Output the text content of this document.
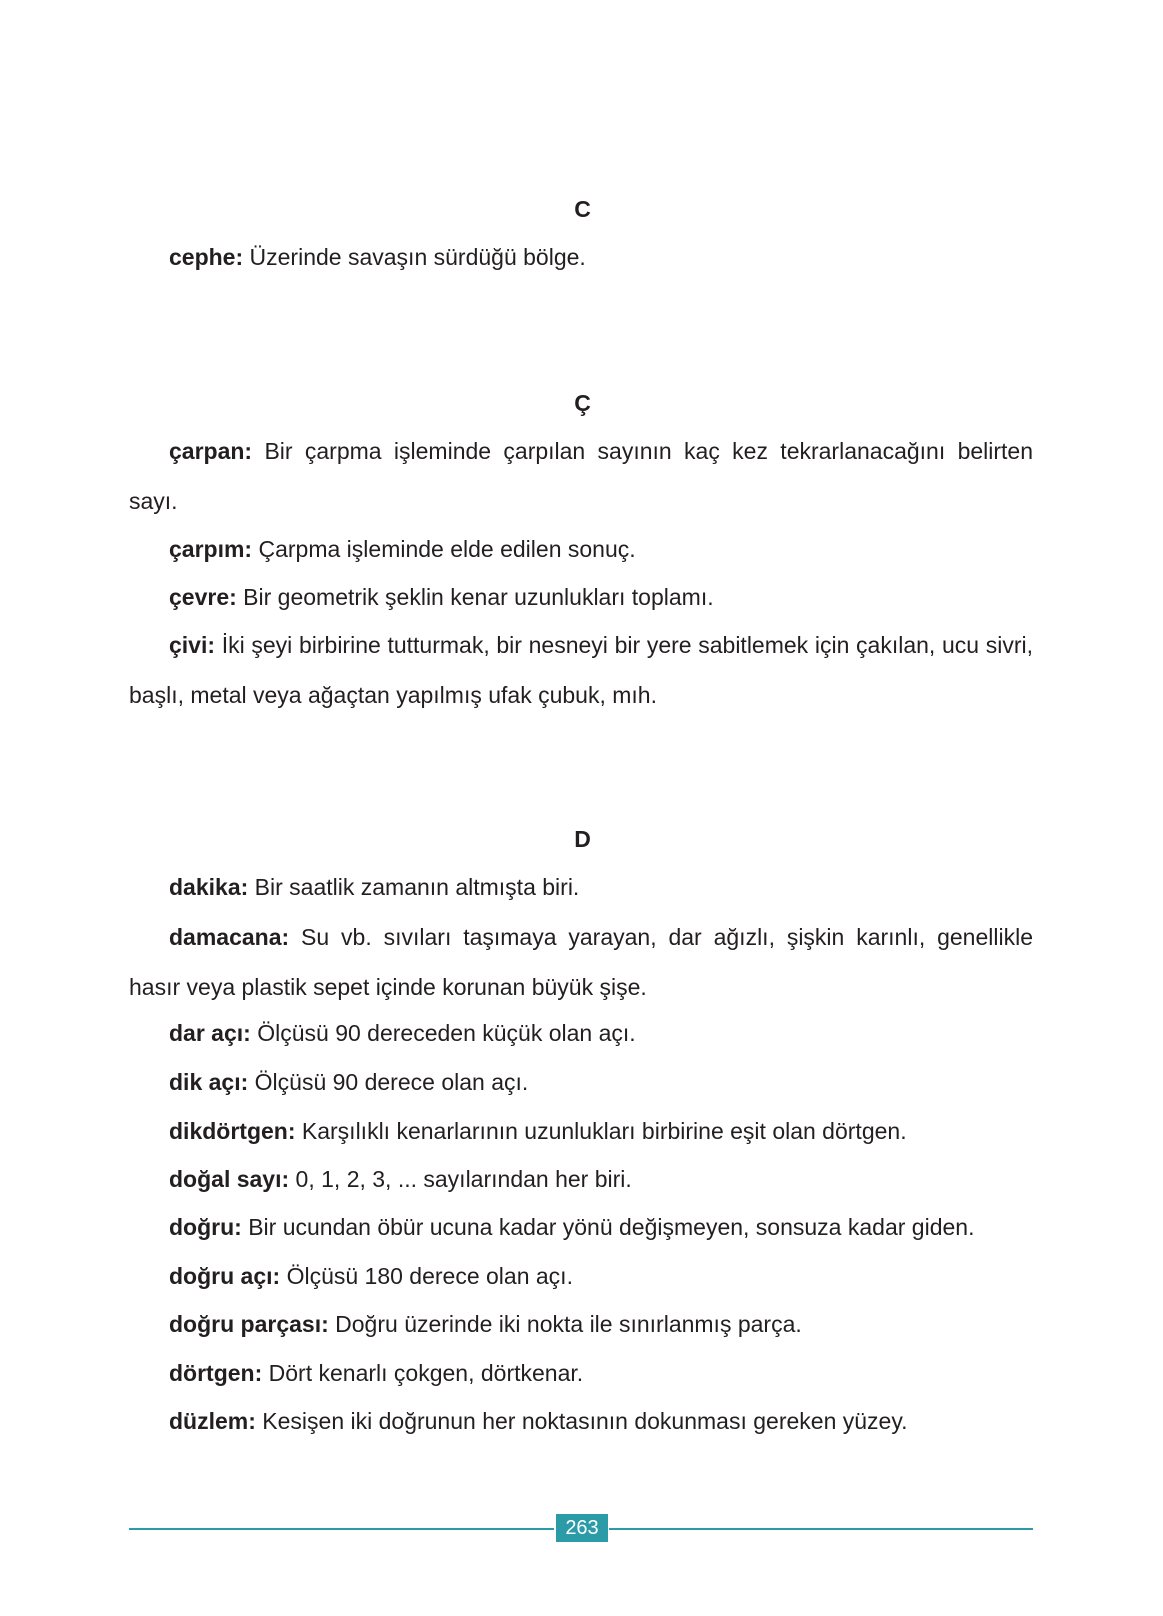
C

cephe: Üzerinde savaşın sürdüğü bölge.

Ç

çarpan: Bir çarpma işleminde çarpılan sayının kaç kez tekrarlanacağını belirten sayı.

çarpım: Çarpma işleminde elde edilen sonuç.

çevre: Bir geometrik şeklin kenar uzunlukları toplamı.

çivi: İki şeyi birbirine tutturmak, bir nesneyi bir yere sabitlemek için çakılan, ucu sivri, başlı, metal veya ağaçtan yapılmış ufak çubuk, mıh.

D

dakika: Bir saatlik zamanın altmışta biri.

damacana: Su vb. sıvıları taşımaya yarayan, dar ağızlı, şişkin karınlı, genellikle hasır veya plastik sepet içinde korunan büyük şişe.

dar açı: Ölçüsü 90 dereceden küçük olan açı.

dik açı: Ölçüsü 90 derece olan açı.

dikdörtgen: Karşılıklı kenarlarının uzunlukları birbirine eşit olan dörtgen.

doğal sayı: 0, 1, 2, 3, ... sayılarından her biri.

doğru: Bir ucundan öbür ucuna kadar yönü değişmeyen, sonsuza kadar giden.

doğru açı: Ölçüsü 180 derece olan açı.

doğru parçası: Doğru üzerinde iki nokta ile sınırlanmış parça.

dörtgen: Dört kenarlı çokgen, dörtkenar.

düzlem: Kesişen iki doğrunun her noktasının dokunması gereken yüzey.

263
